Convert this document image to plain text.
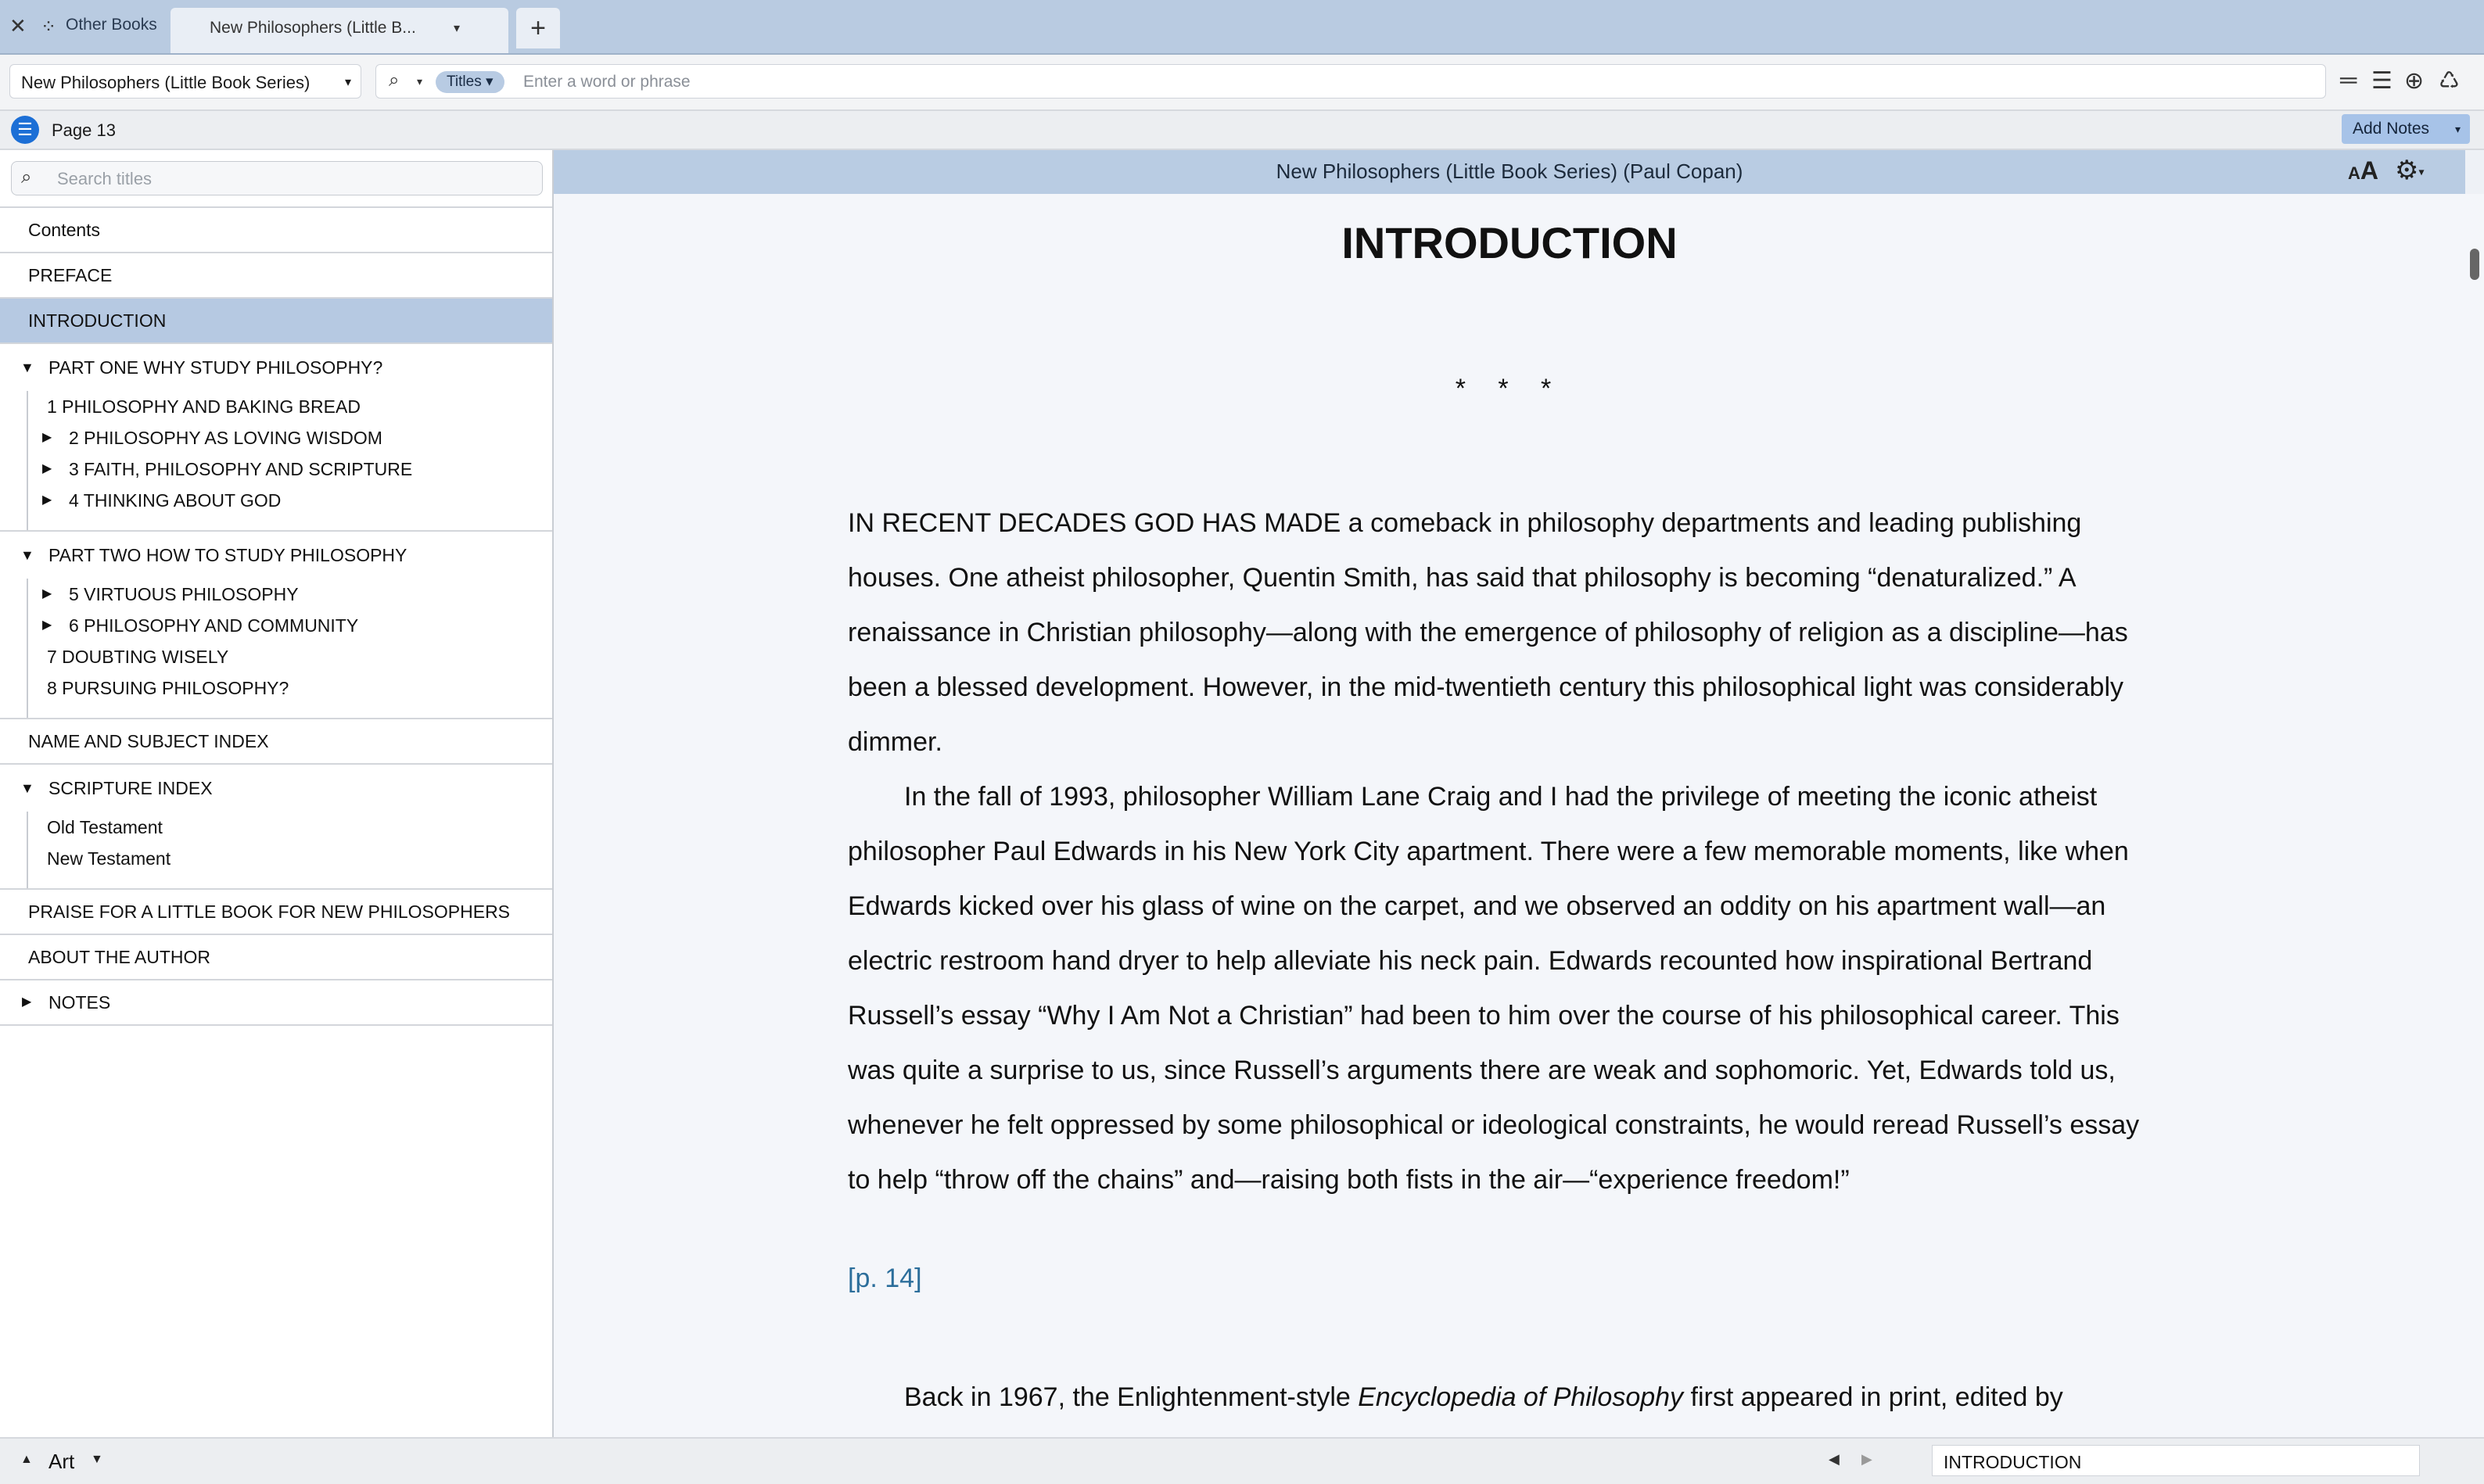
✕ ⁘ Other Books	New Philosophers (Little B...	▾	+
New Philosophers (Little Book Series)	▾ ⌕ ▾	Titles ▾
Enter a word or phrase	═ ☰ ⊕ ♺
☰	Page 13	Add Notes ▾
⌕
Search titles
Contents
PREFACE
INTRODUCTION
▼ PART ONE WHY STUDY PHILOSOPHY?
1 PHILOSOPHY AND BAKING BREAD
▶ 2 PHILOSOPHY AS LOVING WISDOM
▶ 3 FAITH, PHILOSOPHY AND SCRIPTURE
▶ 4 THINKING ABOUT GOD
▼ PART TWO HOW TO STUDY PHILOSOPHY
▶ 5 VIRTUOUS PHILOSOPHY
▶ 6 PHILOSOPHY AND COMMUNITY
7 DOUBTING WISELY
8 PURSUING PHILOSOPHY?
NAME AND SUBJECT INDEX
▼ SCRIPTURE INDEX
Old Testament
New Testament
PRAISE FOR A LITTLE BOOK FOR NEW PHILOSOPHERS
ABOUT THE AUTHOR
▶ NOTES
New Philosophers (Little Book Series) (Paul Copan)	AA ⚙▾
INTRODUCTION
* * *

IN RECENT DECADES GOD HAS MADE a comeback in philosophy departments and leading publishing houses. One atheist philosopher, Quentin Smith, has said that philosophy is becoming “denaturalized.” A renaissance in Christian philosophy—along with the emergence of philosophy of religion as a discipline—has been a blessed development. However, in the mid-twentieth century this philosophical light was considerably dimmer.

In the fall of 1993, philosopher William Lane Craig and I had the privilege of meeting the iconic atheist philosopher Paul Edwards in his New York City apartment. There were a few memorable moments, like when Edwards kicked over his glass of wine on the carpet, and we observed an oddity on his apartment wall—an electric restroom hand dryer to help alleviate his neck pain. Edwards recounted how inspirational Bertrand Russell’s essay “Why I Am Not a Christian” had been to him over the course of his philosophical career. This was quite a surprise to us, since Russell’s arguments there are weak and sophomoric. Yet, Edwards told us, whenever he felt oppressed by some philosophical or ideological constraints, he would reread Russell’s essay to help “throw off the chains” and—raising both fists in the air—“experience freedom!”

[p. 14]

Back in 1967, the Enlightenment-style Encyclopedia of Philosophy first appeared in print, edited by

▲ Art ▼	◀ ▶	INTRODUCTION
